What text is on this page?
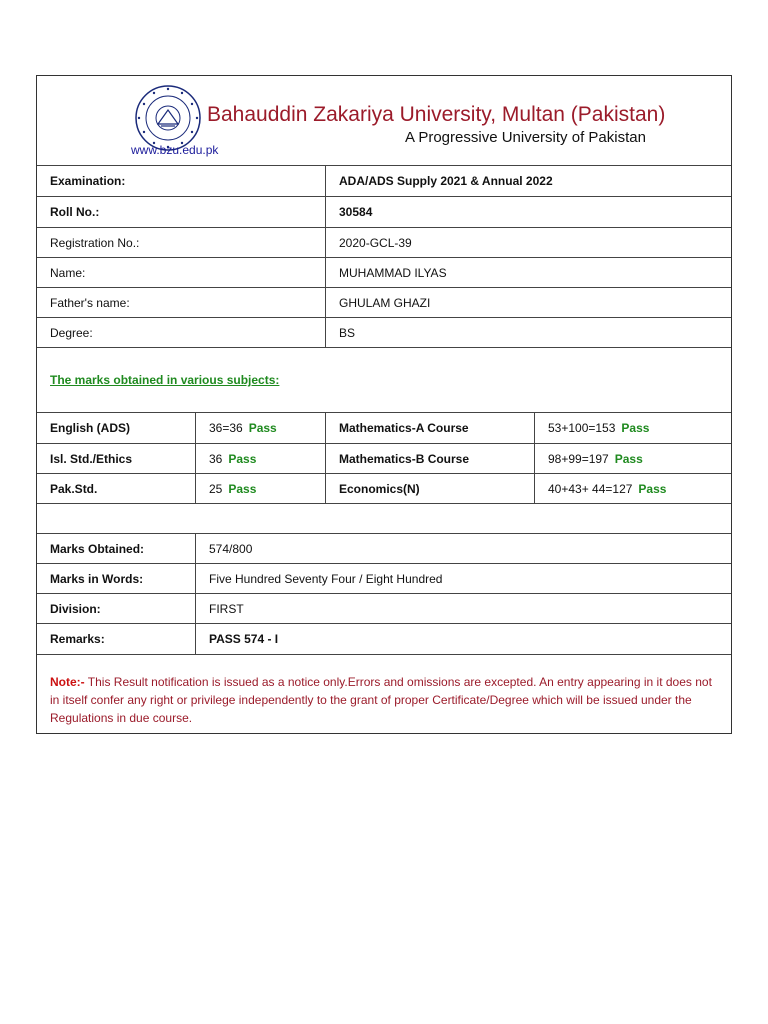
Bahauddin Zakariya University, Multan (Pakistan)
A Progressive University of Pakistan
www.bzu.edu.pk
Examination:	ADA/ADS Supply 2021 & Annual 2022
Roll No.:	30584
Registration No.:	2020-GCL-39
Name:	MUHAMMAD ILYAS
Father's name:	GHULAM GHAZI
Degree:	BS
The marks obtained in various subjects:
English (ADS)	36=36 Pass	Mathematics-A Course	53+100=153 Pass
Isl. Std./Ethics	36 Pass	Mathematics-B Course	98+99=197 Pass
Pak.Std.	25 Pass	Economics(N)	40+43+ 44=127 Pass
Marks Obtained:	574/800
Marks in Words:	Five Hundred Seventy Four / Eight Hundred
Division:	FIRST
Remarks:	PASS 574 - I
Note:- This Result notification is issued as a notice only.Errors and omissions are excepted. An entry appearing in it does not in itself confer any right or privilege independently to the grant of proper Certificate/Degree which will be issued under the Regulations in due course.
